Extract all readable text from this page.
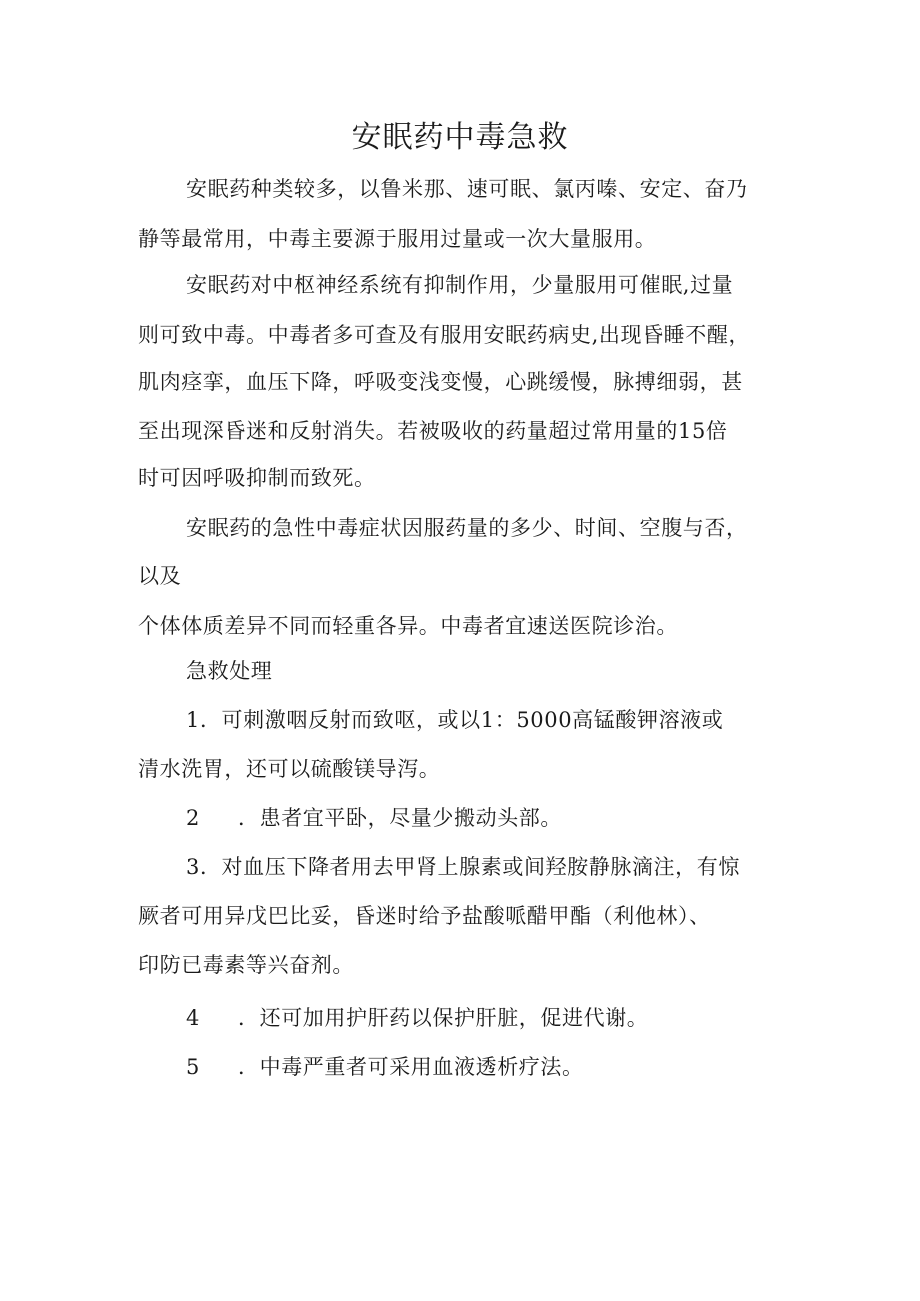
安眠药中毒急救

安眠药种类较多，以鲁米那、速可眠、氯丙嗪、安定、奋乃

静等最常用，中毒主要源于服用过量或一次大量服用。

安眠药对中枢神经系统有抑制作用，少量服用可催眠,过量

则可致中毒。中毒者多可查及有服用安眠药病史,出现昏睡不醒，

肌肉痉挛，血压下降，呼吸变浅变慢，心跳缓慢，脉搏细弱，甚

至出现深昏迷和反射消失。若被吸收的药量超过常用量的15倍

时可因呼吸抑制而致死。

安眠药的急性中毒症状因服药量的多少、时间、空腹与否，

以及

个体体质差异不同而轻重各异。中毒者宜速送医院诊治。

急救处理

1．可刺激咽反射而致呕，或以1：5000高锰酸钾溶液或

清水洗胃，还可以硫酸镁导泻。

2 ．患者宜平卧，尽量少搬动头部。

3．对血压下降者用去甲肾上腺素或间羟胺静脉滴注，有惊

厥者可用异戊巴比妥，昏迷时给予盐酸哌醋甲酯（利他林）、

印防已毒素等兴奋剂。

4 ．还可加用护肝药以保护肝脏，促进代谢。

5 ．中毒严重者可采用血液透析疗法。
